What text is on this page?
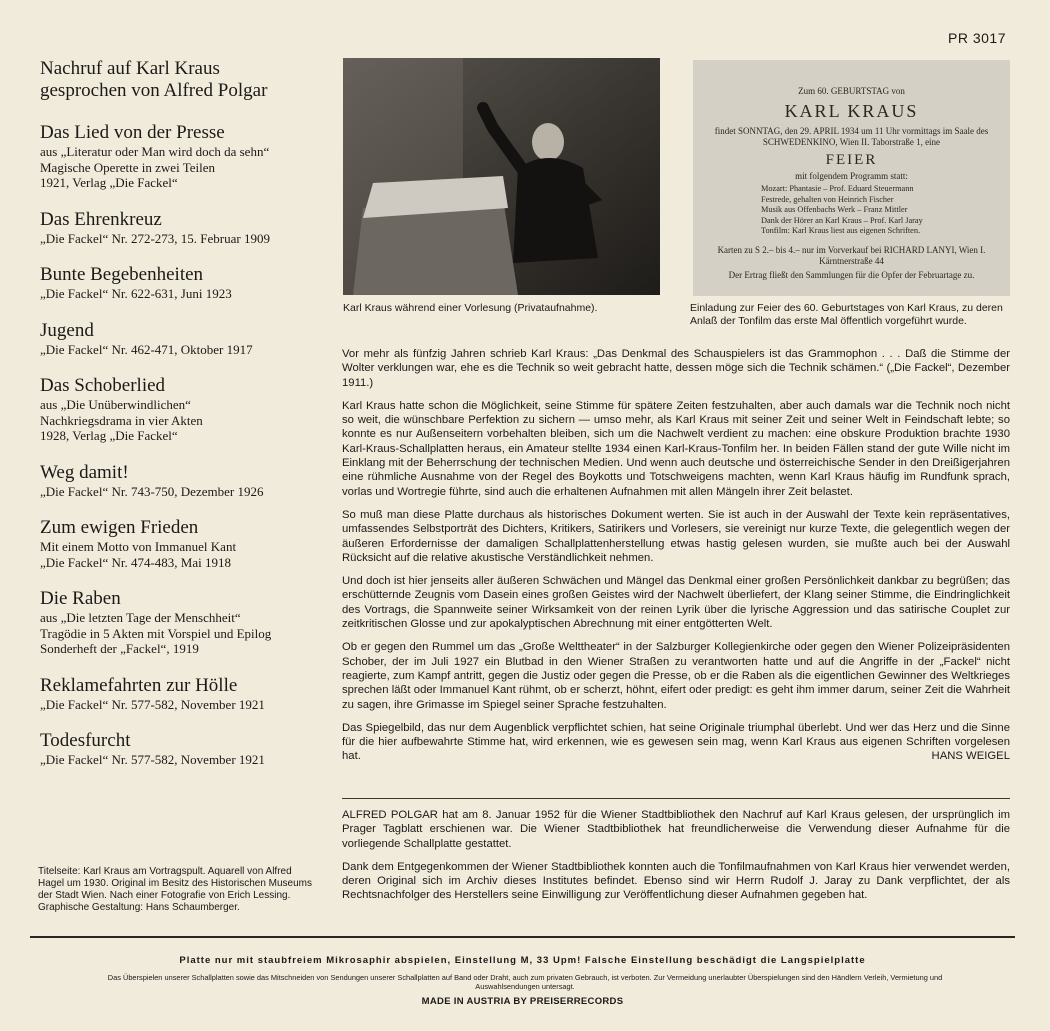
PR 3017
Nachruf auf Karl Kraus
gesprochen von Alfred Polgar
Das Lied von der Presse
aus „Literatur oder Man wird doch da sehn“
Magische Operette in zwei Teilen
1921, Verlag „Die Fackel“
Das Ehrenkreuz
„Die Fackel“ Nr. 272-273, 15. Februar 1909
Bunte Begebenheiten
„Die Fackel“ Nr. 622-631, Juni 1923
Jugend
„Die Fackel“ Nr. 462-471, Oktober 1917
Das Schoberlied
aus „Die Unüberwindlichen“
Nachkriegsdrama in vier Akten
1928, Verlag „Die Fackel“
Weg damit!
„Die Fackel“ Nr. 743-750, Dezember 1926
Zum ewigen Frieden
Mit einem Motto von Immanuel Kant
„Die Fackel“ Nr. 474-483, Mai 1918
Die Raben
aus „Die letzten Tage der Menschheit“
Tragödie in 5 Akten mit Vorspiel und Epilog
Sonderheft der „Fackel“, 1919
Reklamefahrten zur Hölle
„Die Fackel“ Nr. 577-582, November 1921
Todesfurcht
„Die Fackel“ Nr. 577-582, November 1921
Titelseite: Karl Kraus am Vortragspult. Aquarell von Alfred Hagel um 1930. Original im Besitz des Historischen Museums der Stadt Wien. Nach einer Fotografie von Erich Lessing.
Graphische Gestaltung: Hans Schaumberger.
Karl Kraus während einer Vorlesung (Privataufnahme).
Zum 60. GEBURTSTAG von
KARL KRAUS
findet SONNTAG, den 29. APRIL 1934 um 11 Uhr vormittags im Saale des SCHWEDENKINO, Wien II. Taborstraße 1, eine
FEIER
mit folgendem Programm statt:
Mozart: Phantasie – Prof. Eduard Steuermann
Festrede, gehalten von Heinrich Fischer
Musik aus Offenbachs Werk – Franz Mittler
Dank der Hörer an Karl Kraus – Prof. Karl Jaray
Tonfilm: Karl Kraus liest aus eigenen Schriften.
Karten zu S 2.– bis 4.– nur im Vorverkauf bei RICHARD LANYI, Wien I. Kärntnerstraße 44
Der Ertrag fließt den Sammlungen für die Opfer der Februartage zu.
Einladung zur Feier des 60. Geburtstages von Karl Kraus, zu deren Anlaß der Tonfilm das erste Mal öffentlich vorgeführt wurde.

Vor mehr als fünfzig Jahren schrieb Karl Kraus: „Das Denkmal des Schauspielers ist das Grammophon . . . Daß die Stimme der Wolter verklungen war, ehe es die Technik so weit gebracht hatte, dessen möge sich die Technik schämen.“ („Die Fackel“, Dezember 1911.)

Karl Kraus hatte schon die Möglichkeit, seine Stimme für spätere Zeiten festzuhalten, aber auch damals war die Technik noch nicht so weit, die wünschbare Perfektion zu sichern — umso mehr, als Karl Kraus mit seiner Zeit und seiner Welt in Feindschaft lebte; so konnte es nur Außenseitern vorbehalten bleiben, sich um die Nachwelt verdient zu machen: eine obskure Produktion brachte 1930 Karl-Kraus-Schallplatten heraus, ein Amateur stellte 1934 einen Karl-Kraus-Tonfilm her. In beiden Fällen stand der gute Wille nicht im Einklang mit der Beherrschung der technischen Medien. Und wenn auch deutsche und österreichische Sender in den Dreißigerjahren eine rühmliche Ausnahme von der Regel des Boykotts und Totschweigens machten, wenn Karl Kraus häufig im Rundfunk sprach, vorlas und Wortregie führte, sind auch die erhaltenen Aufnahmen mit allen Mängeln ihrer Zeit belastet.

So muß man diese Platte durchaus als historisches Dokument werten. Sie ist auch in der Auswahl der Texte kein repräsentatives, umfassendes Selbstporträt des Dichters, Kritikers, Satirikers und Vorlesers, sie vereinigt nur kurze Texte, die gelegentlich wegen der äußeren Erfordernisse der damaligen Schallplattenherstellung etwas hastig gelesen wurden, sie mußte auch bei der Auswahl Rücksicht auf die relative akustische Verständlichkeit nehmen.

Und doch ist hier jenseits aller äußeren Schwächen und Mängel das Denkmal einer großen Persönlichkeit dankbar zu begrüßen; das erschütternde Zeugnis vom Dasein eines großen Geistes wird der Nachwelt überliefert, der Klang seiner Stimme, die Eindringlichkeit des Vortrags, die Spannweite seiner Wirksamkeit von der reinen Lyrik über die lyrische Aggression und das satirische Couplet zur zeitkritischen Glosse und zur apokalyptischen Abrechnung mit einer entgötterten Welt.

Ob er gegen den Rummel um das „Große Welttheater“ in der Salzburger Kollegienkirche oder gegen den Wiener Polizeipräsidenten Schober, der im Juli 1927 ein Blutbad in den Wiener Straßen zu verantworten hatte und auf die Angriffe in der „Fackel“ nicht reagierte, zum Kampf antritt, gegen die Justiz oder gegen die Presse, ob er die Raben als die eigentlichen Gewinner des Weltkrieges sprechen läßt oder Immanuel Kant rühmt, ob er scherzt, höhnt, eifert oder predigt: es geht ihm immer darum, seiner Zeit die Wahrheit zu sagen, ihre Grimasse im Spiegel seiner Sprache festzuhalten.

Das Spiegelbild, das nur dem Augenblick verpflichtet schien, hat seine Originale triumphal überlebt. Und wer das Herz und die Sinne für die hier aufbewahrte Stimme hat, wird erkennen, wie es gewesen sein mag, wenn Karl Kraus aus eigenen Schriften vorgelesen hat.	HANS WEIGEL

ALFRED POLGAR hat am 8. Januar 1952 für die Wiener Stadtbibliothek den Nachruf auf Karl Kraus gelesen, der ursprünglich im Prager Tagblatt erschienen war. Die Wiener Stadtbibliothek hat freundlicherweise die Verwendung dieser Aufnahme für die vorliegende Schallplatte gestattet.

Dank dem Entgegenkommen der Wiener Stadtbibliothek konnten auch die Tonfilmaufnahmen von Karl Kraus hier verwendet werden, deren Original sich im Archiv dieses Institutes befindet. Ebenso sind wir Herrn Rudolf J. Jaray zu Dank verpflichtet, der als Rechtsnachfolger des Herstellers seine Einwilligung zur Veröffentlichung dieser Aufnahmen gegeben hat.

Platte nur mit staubfreiem Mikrosaphir abspielen, Einstellung M, 33 Upm! Falsche Einstellung beschädigt die Langspielplatte
Das Überspielen unserer Schallplatten sowie das Mitschneiden von Sendungen unserer Schallplatten auf Band oder Draht, auch zum privaten Gebrauch, ist verboten. Zur Vermeidung unerlaubter Überspielungen sind den Händlern Verleih, Vermietung und Auswahlsendungen untersagt.
MADE IN AUSTRIA BY PREISERRECORDS
